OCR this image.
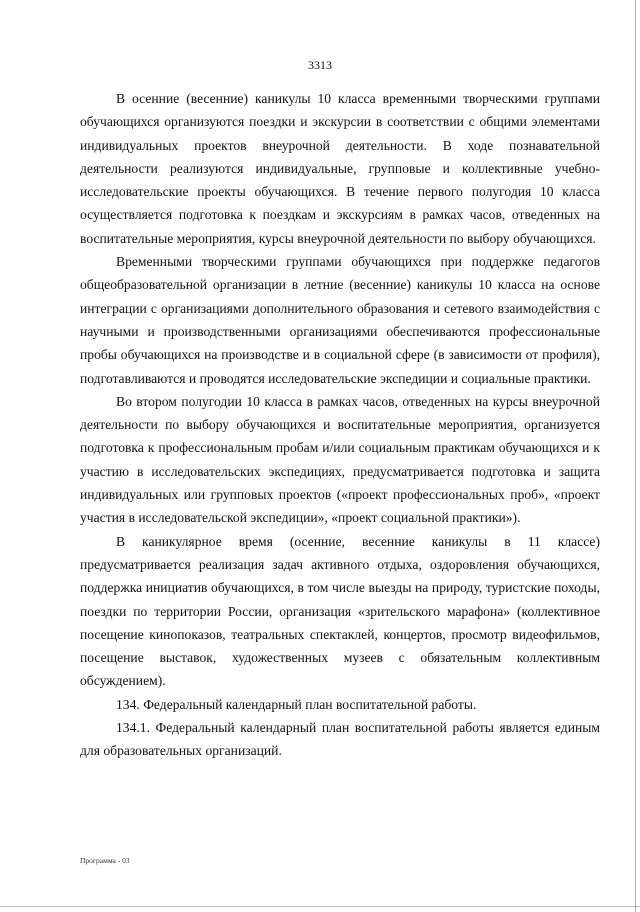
3313

В осенние (весенние) каникулы 10 класса временными творческими группами обучающихся организуются поездки и экскурсии в соответствии с общими элементами индивидуальных проектов внеурочной деятельности. В ходе познавательной деятельности реализуются индивидуальные, групповые и коллективные учебно-исследовательские проекты обучающихся. В течение первого полугодия 10 класса осуществляется подготовка к поездкам и экскурсиям в рамках часов, отведенных на воспитательные мероприятия, курсы внеурочной деятельности по выбору обучающихся.

Временными творческими группами обучающихся при поддержке педагогов общеобразовательной организации в летние (весенние) каникулы 10 класса на основе интеграции с организациями дополнительного образования и сетевого взаимодействия с научными и производственными организациями обеспечиваются профессиональные пробы обучающихся на производстве и в социальной сфере (в зависимости от профиля), подготавливаются и проводятся исследовательские экспедиции и социальные практики.

Во втором полугодии 10 класса в рамках часов, отведенных на курсы внеурочной деятельности по выбору обучающихся и воспитательные мероприятия, организуется подготовка к профессиональным пробам и/или социальным практикам обучающихся и к участию в исследовательских экспедициях, предусматривается подготовка и защита индивидуальных или групповых проектов («проект профессиональных проб», «проект участия в исследовательской экспедиции», «проект социальной практики»).

В каникулярное время (осенние, весенние каникулы в 11 классе) предусматривается реализация задач активного отдыха, оздоровления обучающихся, поддержка инициатив обучающихся, в том числе выезды на природу, туристские походы, поездки по территории России, организация «зрительского марафона» (коллективное посещение кинопоказов, театральных спектаклей, концертов, просмотр видеофильмов, посещение выставок, художественных музеев с обязательным коллективным обсуждением).

134. Федеральный календарный план воспитательной работы.

134.1. Федеральный календарный план воспитательной работы является единым для образовательных организаций.

Программа - 03
